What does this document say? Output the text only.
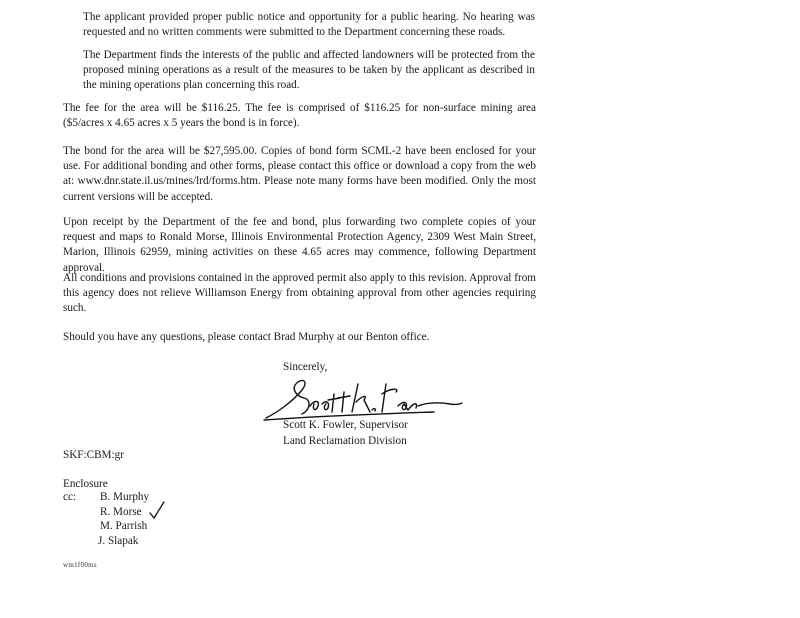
The applicant provided proper public notice and opportunity for a public hearing. No hearing was requested and no written comments were submitted to the Department concerning these roads.

The Department finds the interests of the public and affected landowners will be protected from the proposed mining operations as a result of the measures to be taken by the applicant as described in the mining operations plan concerning this road.

The fee for the area will be $116.25. The fee is comprised of $116.25 for non-surface mining area ($5/acres x 4.65 acres x 5 years the bond is in force).

The bond for the area will be $27,595.00. Copies of bond form SCML-2 have been enclosed for your use. For additional bonding and other forms, please contact this office or download a copy from the web at: www.dnr.state.il.us/mines/lrd/forms.htm. Please note many forms have been modified. Only the most current versions will be accepted.

Upon receipt by the Department of the fee and bond, plus forwarding two complete copies of your request and maps to Ronald Morse, Illinois Environmental Protection Agency, 2309 West Main Street, Marion, Illinois 62959, mining activities on these 4.65 acres may commence, following Department approval.

All conditions and provisions contained in the approved permit also apply to this revision. Approval from this agency does not relieve Williamson Energy from obtaining approval from other agencies requiring such.

Should you have any questions, please contact Brad Murphy at our Benton office.

Sincerely,

Scott K. Fowler, Supervisor

Land Reclamation Division

SKF:CBM:gr

Enclosure

cc: B. Murphy

R. Morse

M. Parrish

J. Slapak

wm1f00ms
